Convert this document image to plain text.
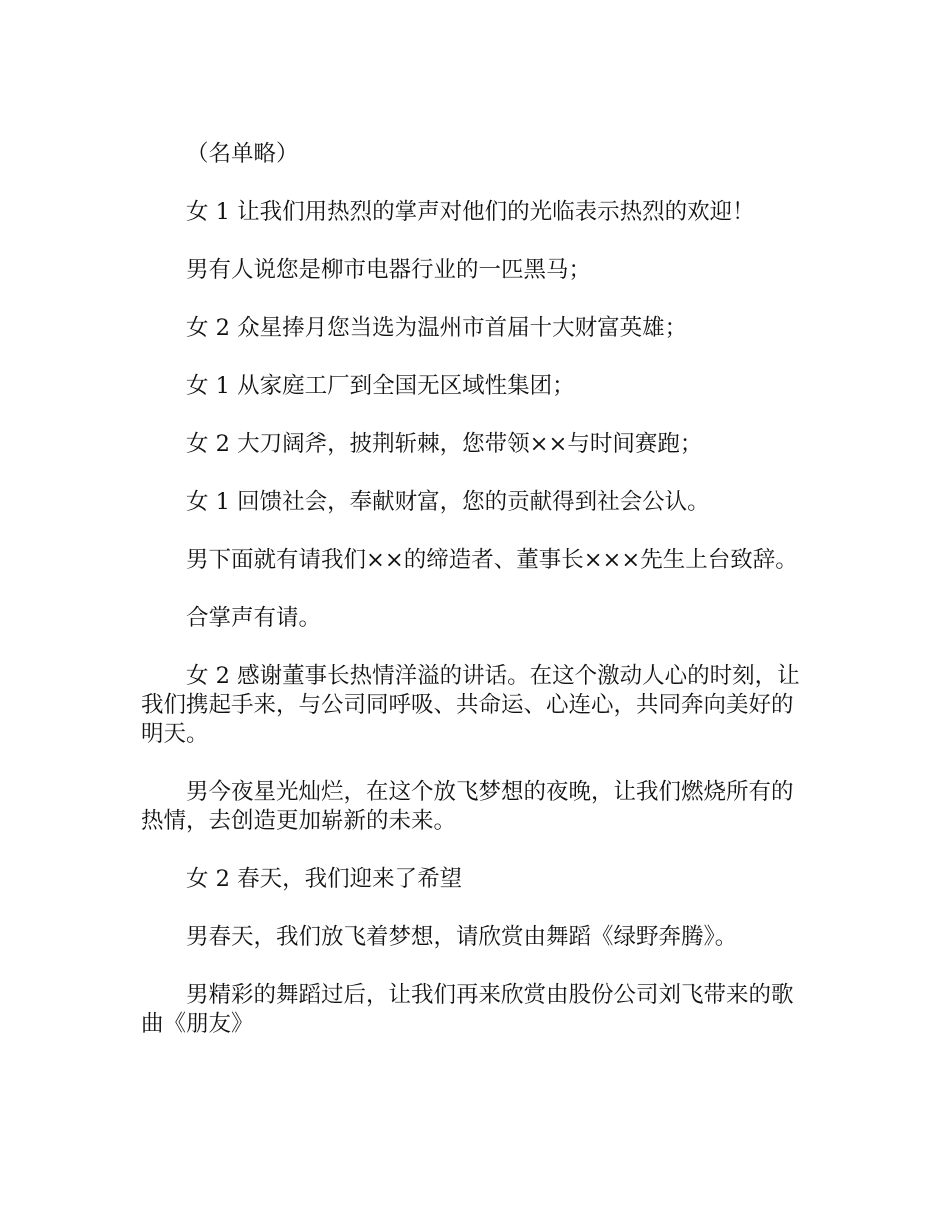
（名单略）

女 1 让我们用热烈的掌声对他们的光临表示热烈的欢迎！

男有人说您是柳市电器行业的一匹黑马；

女 2 众星捧月您当选为温州市首届十大财富英雄；

女 1 从家庭工厂到全国无区域性集团；

女 2 大刀阔斧，披荆斩棘，您带领××与时间赛跑；

女 1 回馈社会，奉献财富，您的贡献得到社会公认。

男下面就有请我们××的缔造者、董事长×××先生上台致辞。

合掌声有请。

女 2 感谢董事长热情洋溢的讲话。在这个激动人心的时刻，让我们携起手来，与公司同呼吸、共命运、心连心，共同奔向美好的明天。

男今夜星光灿烂，在这个放飞梦想的夜晚，让我们燃烧所有的热情，去创造更加崭新的未来。

女 2 春天，我们迎来了希望

男春天，我们放飞着梦想，请欣赏由舞蹈《绿野奔腾》。

男精彩的舞蹈过后，让我们再来欣赏由股份公司刘飞带来的歌曲《朋友》
